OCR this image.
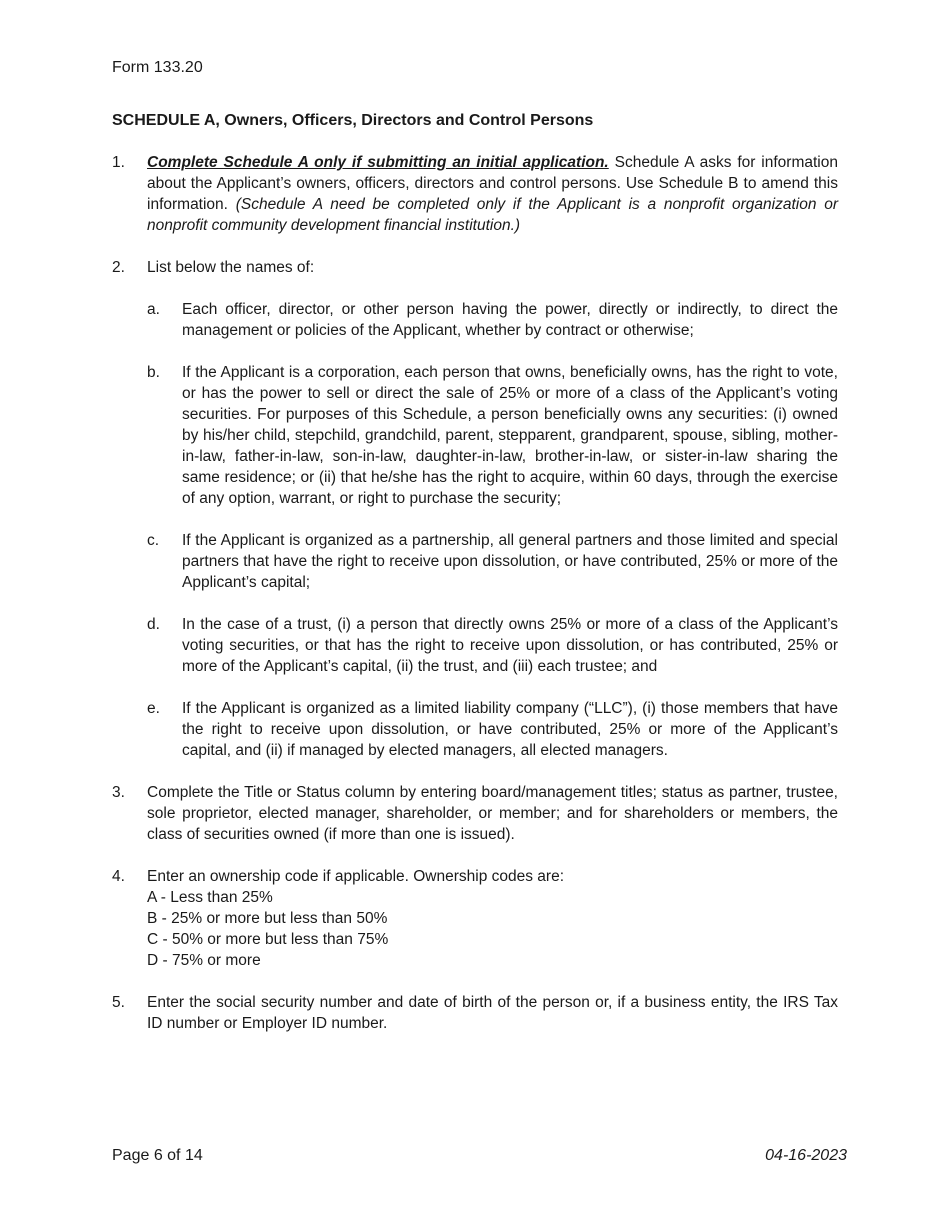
Form 133.20
SCHEDULE A, Owners, Officers, Directors and Control Persons
1. Complete Schedule A only if submitting an initial application. Schedule A asks for information about the Applicant’s owners, officers, directors and control persons. Use Schedule B to amend this information. (Schedule A need be completed only if the Applicant is a nonprofit organization or nonprofit community development financial institution.)
2. List below the names of:
a. Each officer, director, or other person having the power, directly or indirectly, to direct the management or policies of the Applicant, whether by contract or otherwise;
b. If the Applicant is a corporation, each person that owns, beneficially owns, has the right to vote, or has the power to sell or direct the sale of 25% or more of a class of the Applicant’s voting securities. For purposes of this Schedule, a person beneficially owns any securities: (i) owned by his/her child, stepchild, grandchild, parent, stepparent, grandparent, spouse, sibling, mother-in-law, father-in-law, son-in-law, daughter-in-law, brother-in-law, or sister-in-law sharing the same residence; or (ii) that he/she has the right to acquire, within 60 days, through the exercise of any option, warrant, or right to purchase the security;
c. If the Applicant is organized as a partnership, all general partners and those limited and special partners that have the right to receive upon dissolution, or have contributed, 25% or more of the Applicant’s capital;
d. In the case of a trust, (i) a person that directly owns 25% or more of a class of the Applicant’s voting securities, or that has the right to receive upon dissolution, or has contributed, 25% or more of the Applicant’s capital, (ii) the trust, and (iii) each trustee; and
e. If the Applicant is organized as a limited liability company (“LLC”), (i) those members that have the right to receive upon dissolution, or have contributed, 25% or more of the Applicant’s capital, and (ii) if managed by elected managers, all elected managers.
3. Complete the Title or Status column by entering board/management titles; status as partner, trustee, sole proprietor, elected manager, shareholder, or member; and for shareholders or members, the class of securities owned (if more than one is issued).
4. Enter an ownership code if applicable. Ownership codes are:
A - Less than 25%
B - 25% or more but less than 50%
C - 50% or more but less than 75%
D - 75% or more
5. Enter the social security number and date of birth of the person or, if a business entity, the IRS Tax ID number or Employer ID number.
Page 6 of 14	04-16-2023
